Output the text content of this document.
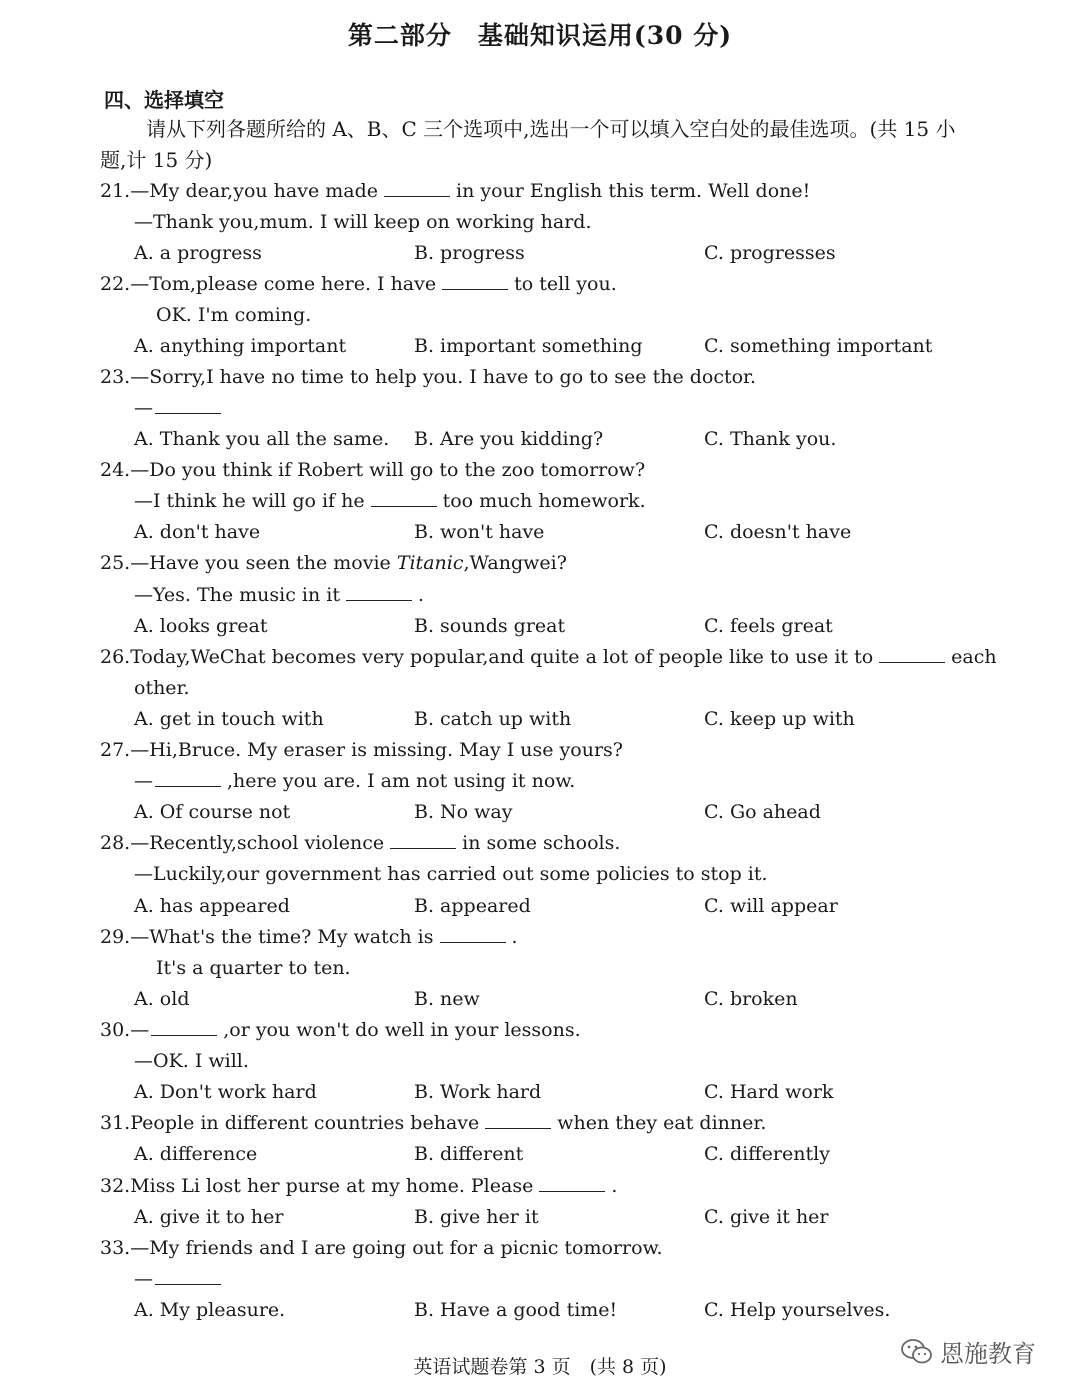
第二部分　基础知识运用(30 分)
四、选择填空
请从下列各题所给的 A、B、C 三个选项中,选出一个可以填入空白处的最佳选项。(共 15 小题,计 15 分)
21.—My dear,you have made	in your English this term. Well done!
—Thank you,mum. I will keep on working hard.
A. a progress	B. progress	C. progresses
22.—Tom,please come here. I have	to tell you.
OK. I'm coming.
A. anything important	B. important something	C. something important
23.—Sorry,I have no time to help you. I have to go to see the doctor.
—
A. Thank you all the same. B. Are you kidding?	C. Thank you.
24.—Do you think if Robert will go to the zoo tomorrow?
—I think he will go if he	too much homework.
A. don't have	B. won't have	C. doesn't have
25.—Have you seen the movie Titanic,Wangwei?
—Yes. The music in it	.
A. looks great	B. sounds great	C. feels great
26.Today,WeChat becomes very popular,and quite a lot of people like to use it to	each
other.
A. get in touch with	B. catch up with	C. keep up with
27.—Hi,Bruce. My eraser is missing. May I use yours?
—	,here you are. I am not using it now.
A. Of course not	B. No way	C. Go ahead
28.—Recently,school violence	in some schools.
—Luckily,our government has carried out some policies to stop it.
A. has appeared	B. appeared	C. will appear
29.—What's the time? My watch is	.
It's a quarter to ten.
A. old	B. new	C. broken
30.—	,or you won't do well in your lessons.
—OK. I will.
A. Don't work hard	B. Work hard	C. Hard work
31.People in different countries behave	when they eat dinner.
A. difference	B. different	C. differently
32.Miss Li lost her purse at my home. Please	.
A. give it to her	B. give her it	C. give it her
33.—My friends and I are going out for a picnic tomorrow.
—
A. My pleasure.	B. Have a good time!	C. Help yourselves.
英语试题卷第 3 页　(共 8 页)	恩施教育
